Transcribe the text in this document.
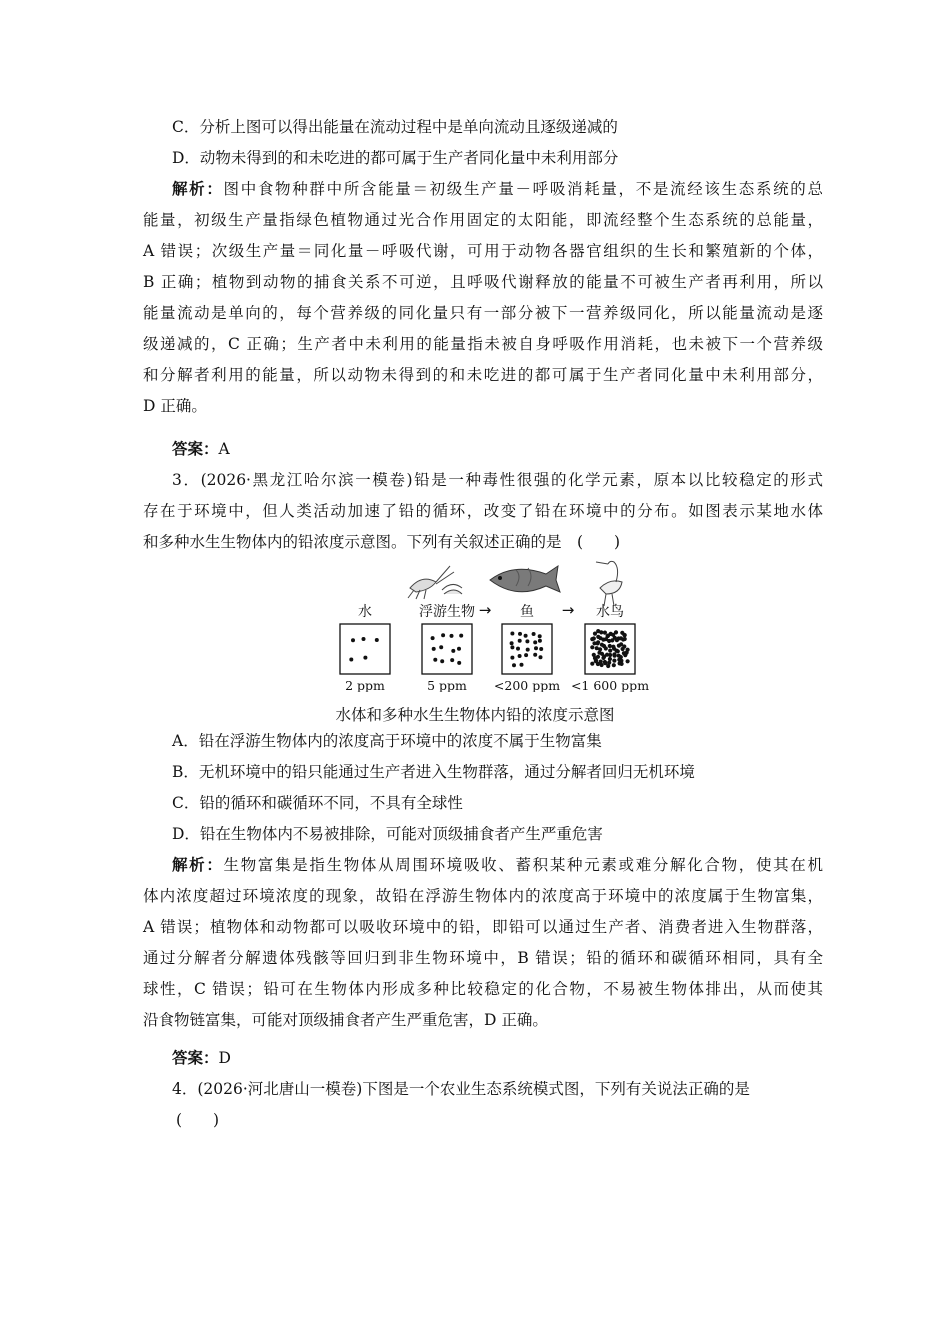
C．分析上图可以得出能量在流动过程中是单向流动且逐级递减的
D．动物未得到的和未吃进的都可属于生产者同化量中未利用部分
解析：图中食物种群中所含能量＝初级生产量－呼吸消耗量，不是流经该生态系统的总
能量，初级生产量指绿色植物通过光合作用固定的太阳能，即流经整个生态系统的总能量，
A 错误；次级生产量＝同化量－呼吸代谢，可用于动物各器官组织的生长和繁殖新的个体，
B 正确；植物到动物的捕食关系不可逆，且呼吸代谢释放的能量不可被生产者再利用，所以
能量流动是单向的，每个营养级的同化量只有一部分被下一营养级同化，所以能量流动是逐
级递减的，C 正确；生产者中未利用的能量指未被自身呼吸作用消耗，也未被下一个营养级
和分解者利用的能量，所以动物未得到的和未吃进的都可属于生产者同化量中未利用部分，
D 正确。
答案：A
3．(2026·黑龙江哈尔滨一模卷)铅是一种毒性很强的化学元素，原本以比较稳定的形式
存在于环境中，但人类活动加速了铅的循环，改变了铅在环境中的分布。如图表示某地水体
和多种水生生物体内的铅浓度示意图。下列有关叙述正确的是　(　　)
水
2 ppm
浮游生物
5 ppm
鱼
<200 ppm
→	水鸟
<1 600 ppm
→
水体和多种水生生物体内铅的浓度示意图
A．铅在浮游生物体内的浓度高于环境中的浓度不属于生物富集
B．无机环境中的铅只能通过生产者进入生物群落，通过分解者回归无机环境
C．铅的循环和碳循环不同，不具有全球性
D．铅在生物体内不易被排除，可能对顶级捕食者产生严重危害
解析：生物富集是指生物体从周围环境吸收、蓄积某种元素或难分解化合物，使其在机
体内浓度超过环境浓度的现象，故铅在浮游生物体内的浓度高于环境中的浓度属于生物富集，
A 错误；植物体和动物都可以吸收环境中的铅，即铅可以通过生产者、消费者进入生物群落，
通过分解者分解遗体残骸等回归到非生物环境中，B 错误；铅的循环和碳循环相同，具有全
球性，C 错误；铅可在生物体内形成多种比较稳定的化合物，不易被生物体排出，从而使其
沿食物链富集，可能对顶级捕食者产生严重危害，D 正确。
答案：D
4．(2026·河北唐山一模卷)下图是一个农业生态系统模式图，下列有关说法正确的是
(　　)
